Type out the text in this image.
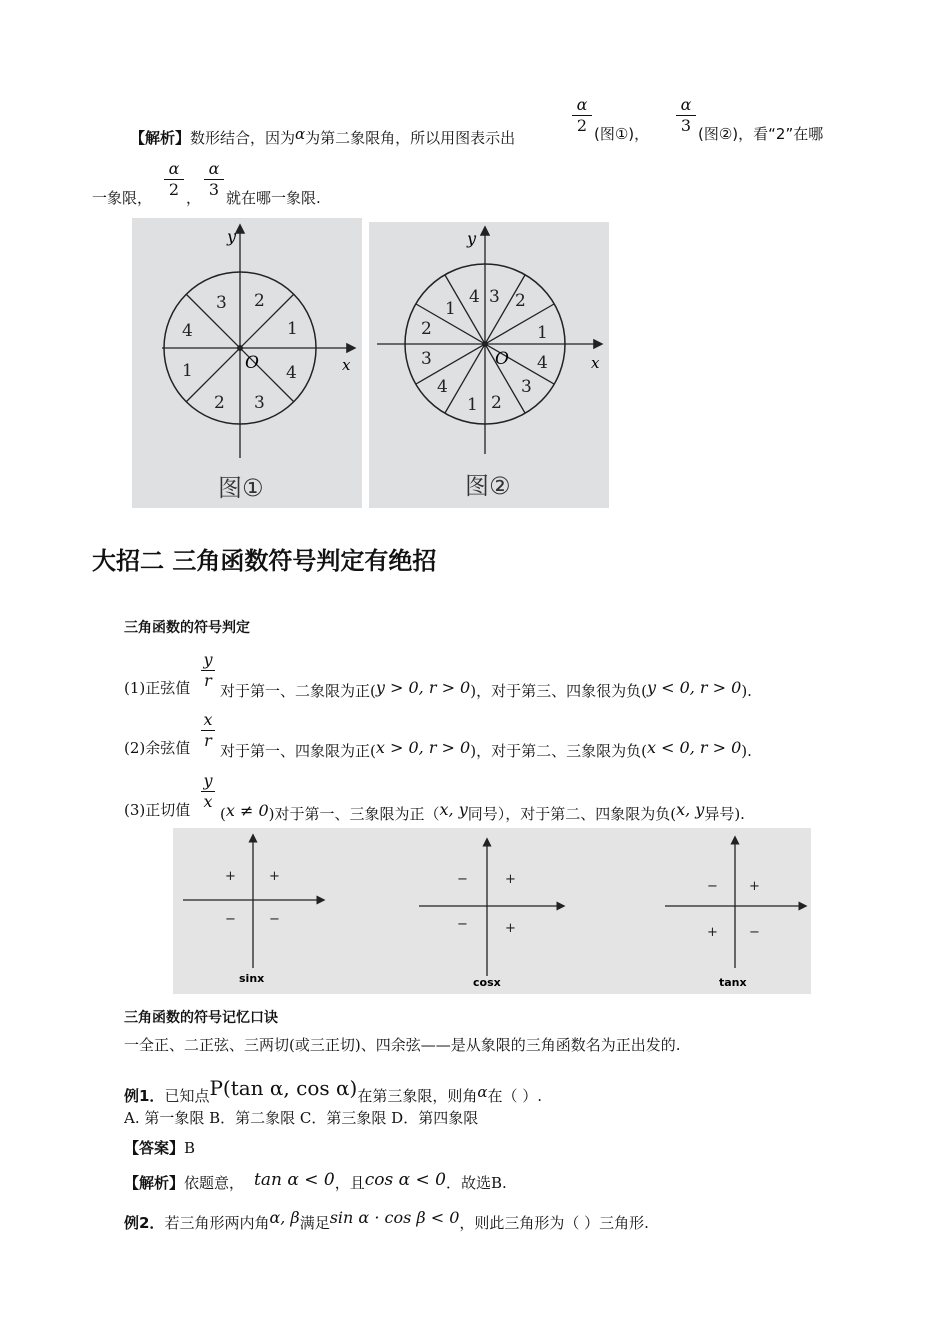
【解析】数形结合，因为α为第二象限角，所以用图表示出
α
2 (图①)，
α
3 (图②)，看“2”在哪
一象限，
α
2 ，
α
3 就在哪一象限.
y
x
O
1
2
3
4
1
2 3
4
图①
y
x
O
1
2
3
4
1
2
3
4
1 2
3
4
图②
大招二 三角函数符号判定有绝招
三角函数的符号判定
(1)正弦值
y
r
对于第一、二象限为正(y > 0, r > 0)，对于第三、四象很为负(y < 0, r > 0).
(2)余弦值
x
r
对于第一、四象限为正(x > 0, r > 0)，对于第二、三象限为负(x < 0, r > 0).
(3)正切值
y
x
(x ≠ 0)对于第一、三象限为正（x, y同号），对于第二、四象限为负(x, y异号).
+
+
−	−
sinx
+
−
−	+
cosx
+
−
+ −
tanx
三角函数的符号记忆口诀
一全正、二正弦、三两切(或三正切)、四余弦——是从象限的三角函数名为正出发的.
例1．已知点P(tan α, cos α)在第三象限，则角α在（ ）.
A. 第一象限 B．第二象限 C．第三象限 D．第四象限
【答案】B
【解析】依题意， tan α < 0，且cos α < 0．故选B.
例2．若三角形两内角α, β满足sin α · cos β < 0，则此三角形为（ ）三角形.
